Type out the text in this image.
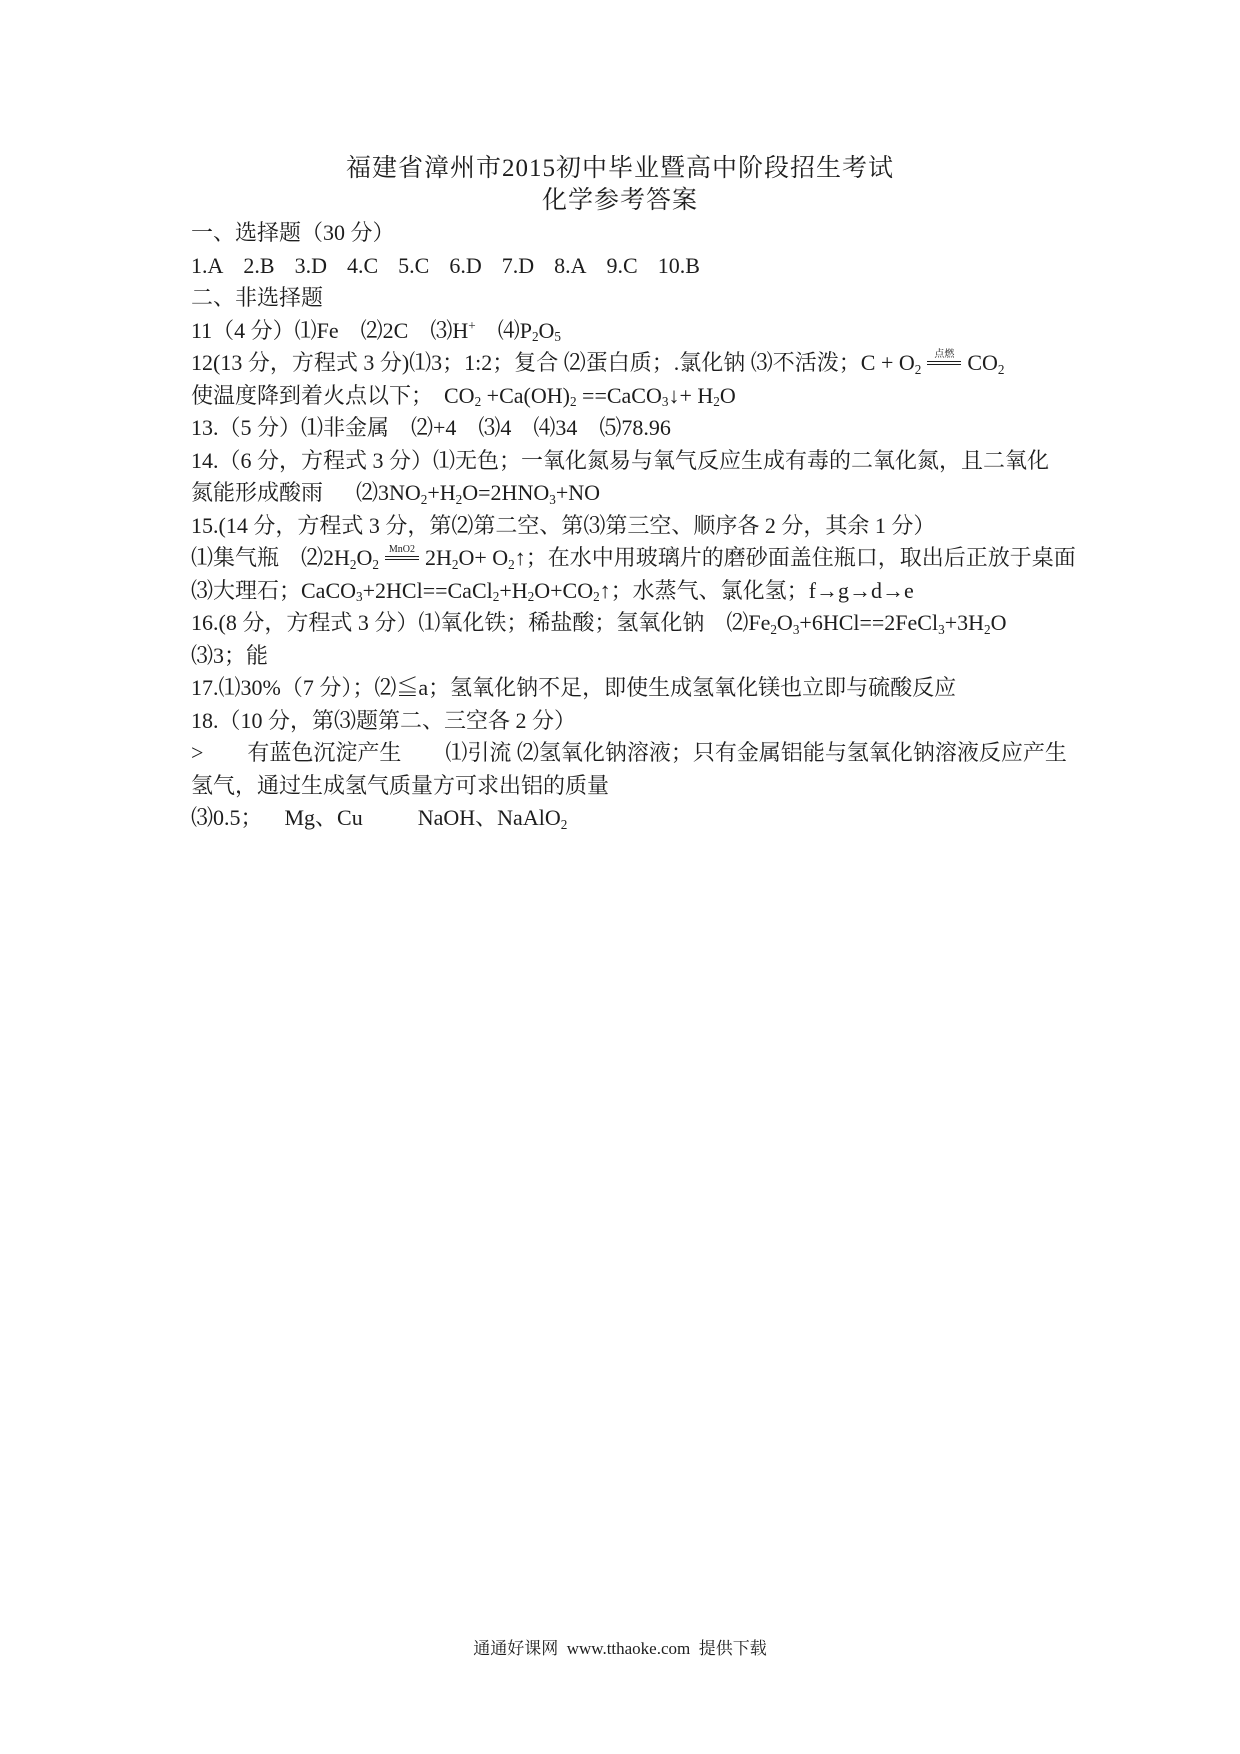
福建省漳州市2015初中毕业暨高中阶段招生考试
化学参考答案
一、选择题（30 分）
1.A 2.B 3.D 4.C 5.C 6.D 7.D 8.A 9.C 10.B
二、非选择题
11（4 分）⑴Fe    ⑵2C    ⑶H+    $⑷P_2O_5$
12(13 分，方程式 3 分)⑴3；1:2；复合 ⑵蛋白质；.氯化钠 ⑶不活泼；$C + O_2$
点燃 $CO_2$
使温度降到着火点以下；  $CO_2 +Ca(OH)_2$ ==CaCO$_3$↓+ $H_2O$
13.（5 分）⑴非金属    ⑵+4    ⑶4    ⑷34    ⑸78.96
14.（6 分，方程式 3 分）⑴无色；一氧化氮易与氧气反应生成有毒的二氧化氮，且二氧化
氮能形成酸雨      $⑵3NO_2+H_2O=2HNO_3+NO$
15.(14 分，方程式 3 分，第⑵第二空、第⑶第三空、顺序各 2 分，其余 1 分）
⑴集气瓶    $⑵2H_2O_2$
MnO2 $2H_2O+$ $O_2↑$；在水中用玻璃片的磨砂面盖住瓶口，取出后正放于桌面
⑶大理石；$CaCO_3+2HCl==CaCl_2+H_2O+CO_2↑$；水蒸气、氯化氢；f→g→d→e
16.(8 分，方程式 3 分）⑴氧化铁；稀盐酸；氢氧化钠    $⑵Fe_2O_3+6HCl==2FeCl_3+3H_2O$
⑶3；能
17.⑴30%（7 分）；⑵≦a；氢氧化钠不足，即使生成氢氧化镁也立即与硫酸反应
18.（10 分，第⑶题第二、三空各 2 分）
>        有蓝色沉淀产生        ⑴引流 ⑵氢氧化钠溶液；只有金属铝能与氢氧化钠溶液反应产生
氢气，通过生成氢气质量方可求出铝的质量
⑶0.5；    Mg、Cu          NaOH、NaAlO$_2$
通通好课网  www.tthaoke.com  提供下载
